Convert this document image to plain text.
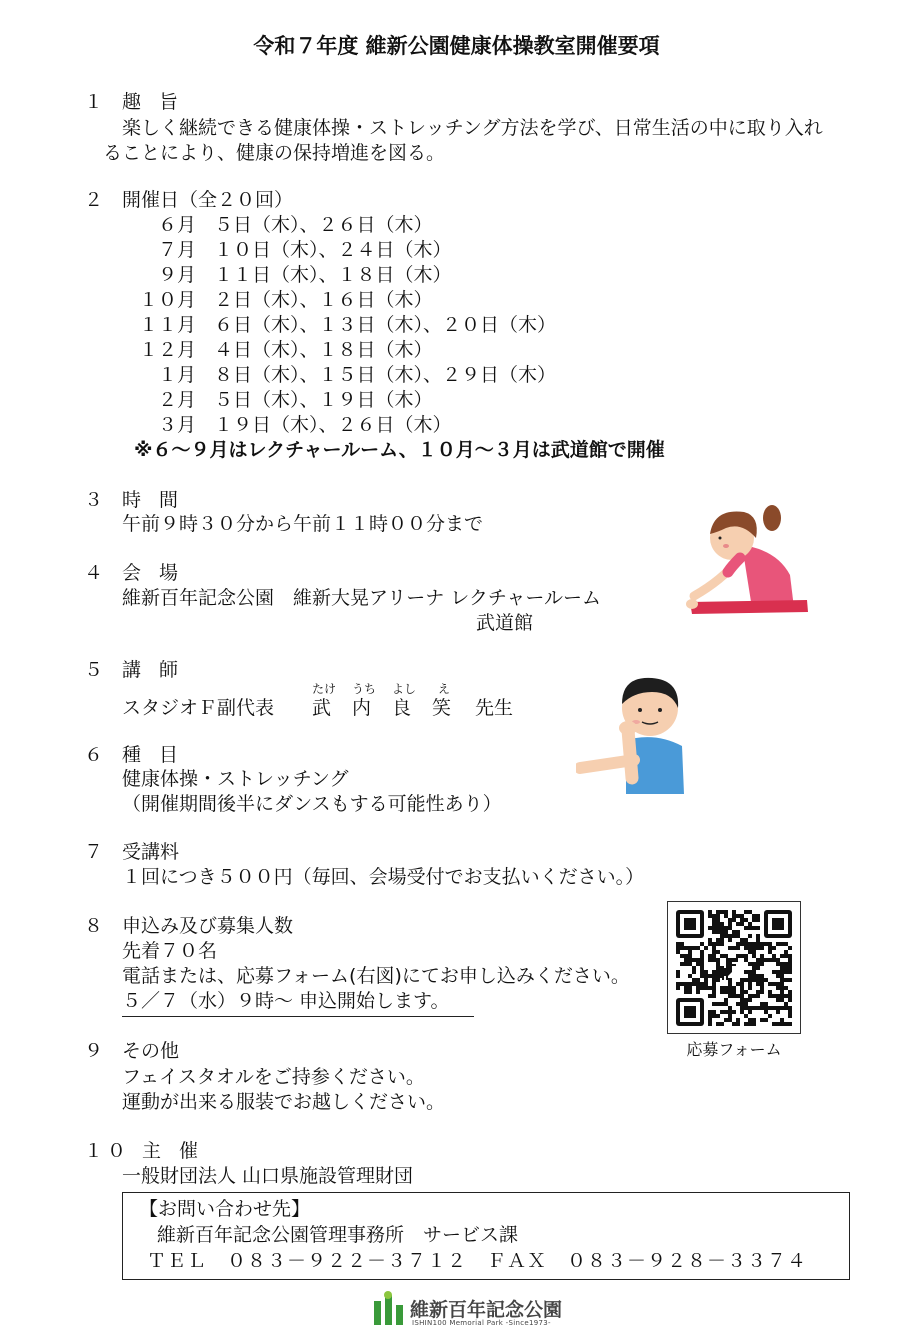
令和７年度 維新公園健康体操教室開催要項
１ 趣旨
楽しく継続できる健康体操・ストレッチング方法を学び、日常生活の中に取り入れ
ることにより、健康の保持増進を図る。
２ 開催日（全２０回）
６月 ５日（木）、２６日（木）
７月 １０日（木）、２４日（木）
９月 １１日（木）、１８日（木）
１０月 ２日（木）、１６日（木）
１１月 ６日（木）、１３日（木）、２０日（木）
１２月 ４日（木）、１８日（木）
１月 ８日（木）、１５日（木）、２９日（木）
２月 ５日（木）、１９日（木）
３月 １９日（木）、２６日（木）
※６～９月はレクチャールーム、１０月～３月は武道館で開催
３ 時間
午前９時３０分から午前１１時００分まで
４ 会場
維新百年記念公園　維新大晃アリーナ レクチャールーム
武道館
５ 講師
スタジオＦ副代表
たけ
武
うち
内
よし
良
え
笑 先生
６ 種目
健康体操・ストレッチング
（開催期間後半にダンスもする可能性あり）
７ 受講料
１回につき５００円（毎回、会場受付でお支払いください。）
８ 申込み及び募集人数
先着７０名
電話または、応募フォーム(右図)にてお申し込みください。
５／７（水）９時～ 申込開始します。
応募フォーム
９ その他
フェイスタオルをご持参ください。
運動が出来る服装でお越しください。
１０ 主催
一般財団法人 山口県施設管理財団
【お問い合わせ先】
維新百年記念公園管理事務所　サービス課
ＴＥＬ　０８３－９２２－３７１２　ＦＡＸ　０８３－９２８－３３７４
維新百年記念公園
ISHIN100 Memorial Park -Since1973-
